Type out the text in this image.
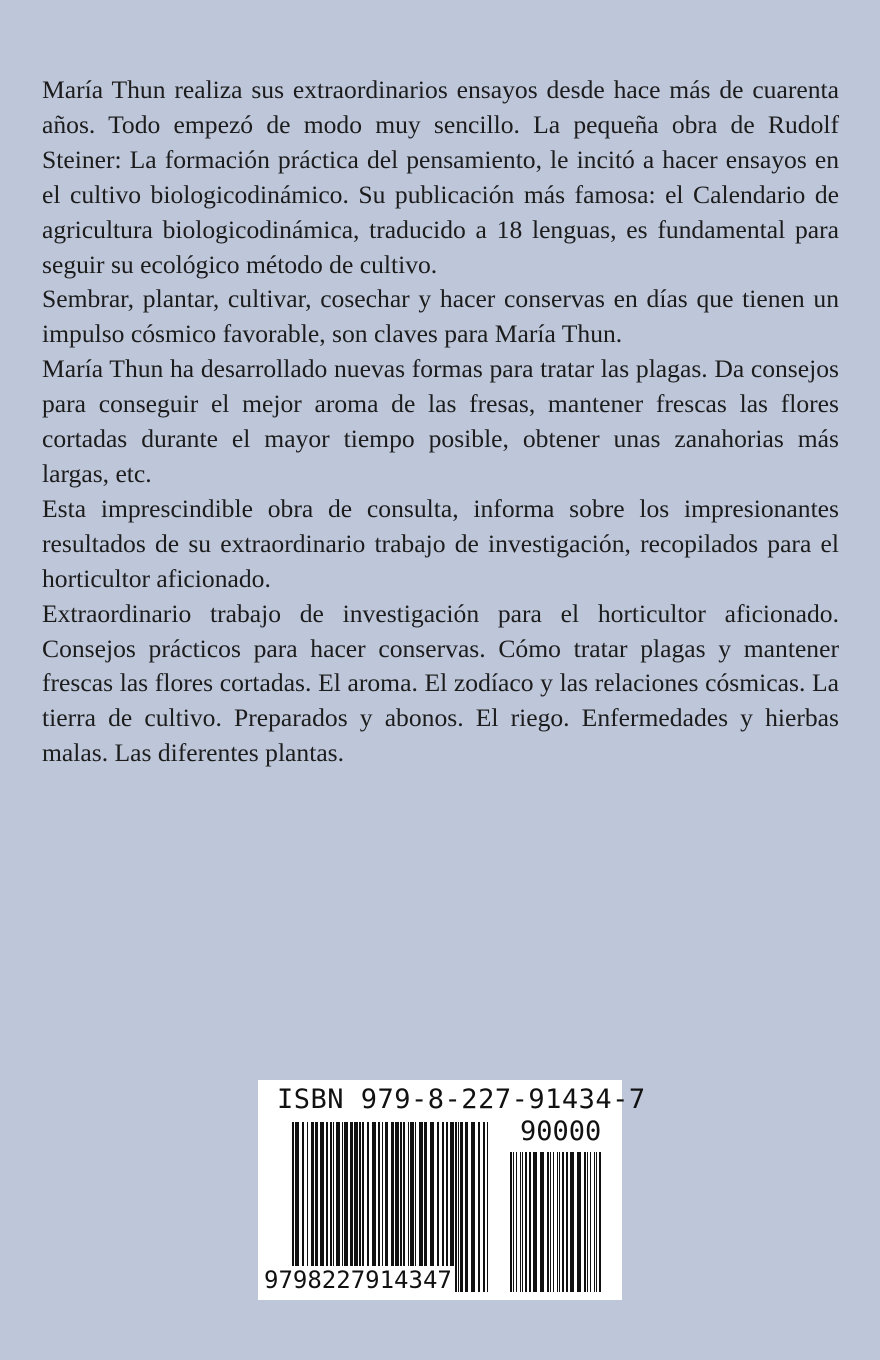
María Thun realiza sus extraordinarios ensayos desde hace más de cuarenta años. Todo empezó de modo muy sencillo. La pequeña obra de Rudolf Steiner: La formación práctica del pensamiento, le incitó a hacer ensayos en el cultivo biologicodinámico. Su publicación más famosa: el Calendario de agricultura biologicodinámica, traducido a 18 lenguas, es fundamental para seguir su ecológico método de cultivo.

Sembrar, plantar, cultivar, cosechar y hacer conservas en días que tienen un impulso cósmico favorable, son claves para María Thun.

María Thun ha desarrollado nuevas formas para tratar las plagas. Da consejos para conseguir el mejor aroma de las fresas, mantener frescas las flores cortadas durante el mayor tiempo posible, obtener unas zanahorias más largas, etc.

Esta imprescindible obra de consulta, informa sobre los impresionantes resultados de su extraordinario trabajo de investigación, recopilados para el horticultor aficionado.

Extraordinario trabajo de investigación para el horticultor aficionado. Consejos prácticos para hacer conservas. Cómo tratar plagas y mantener frescas las flores cortadas. El aroma. El zodíaco y las relaciones cósmicas. La tierra de cultivo. Preparados y abonos. El riego. Enfermedades y hierbas malas. Las diferentes plantas.

ISBN 979-8-227-91434-7
90000
9798227914347
